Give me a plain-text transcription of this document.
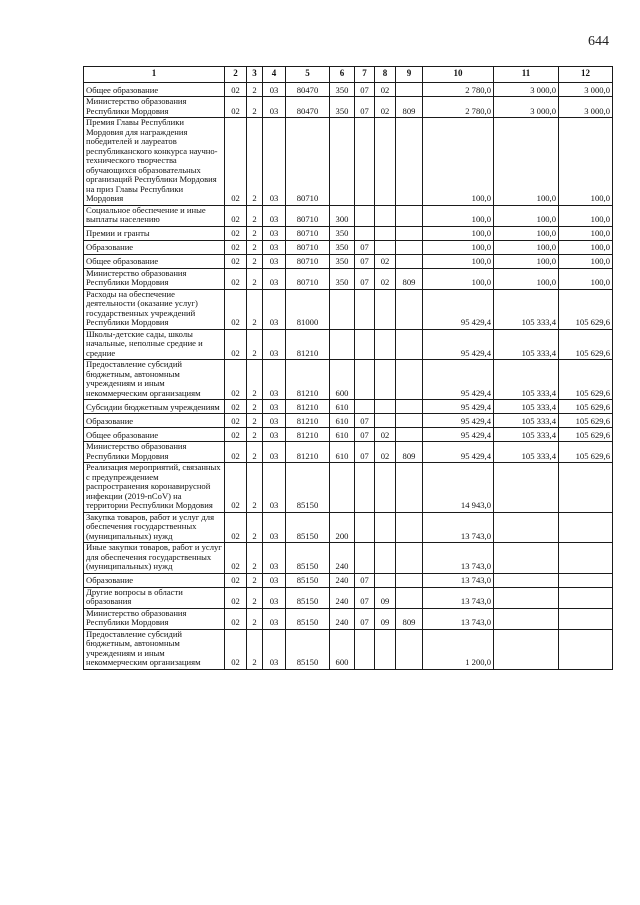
644
1	2	3	4	5	6	7	8	9	10	11	12
Общее образование	02	2	03	80470	350	07	02		2 780,0	3 000,0	3 000,0
Министерство образования Республики Мордовия	02	2	03	80470	350	07	02	809	2 780,0	3 000,0	3 000,0
Премия Главы Республики Мордовия для награждения победителей и лауреатов республиканского конкурса научно-технического творчества обучающихся образовательных организаций Республики Мордовия на приз Главы Республики Мордовия	02	2	03	80710					100,0	100,0	100,0
Социальное обеспечение и иные выплаты населению	02	2	03	80710	300				100,0	100,0	100,0
Премии и гранты	02	2	03	80710	350				100,0	100,0	100,0
Образование	02	2	03	80710	350	07			100,0	100,0	100,0
Общее образование	02	2	03	80710	350	07	02		100,0	100,0	100,0
Министерство образования Республики Мордовия	02	2	03	80710	350	07	02	809	100,0	100,0	100,0
Расходы на обеспечение деятельности (оказание услуг) государственных учреждений Республики Мордовия	02	2	03	81000					95 429,4	105 333,4	105 629,6
Школы-детские сады, школы начальные, неполные средние и средние	02	2	03	81210					95 429,4	105 333,4	105 629,6
Предоставление субсидий бюджетным, автономным учреждениям и иным некоммерческим организациям	02	2	03	81210	600				95 429,4	105 333,4	105 629,6
Субсидии бюджетным учреждениям	02	2	03	81210	610				95 429,4	105 333,4	105 629,6
Образование	02	2	03	81210	610	07			95 429,4	105 333,4	105 629,6
Общее образование	02	2	03	81210	610	07	02		95 429,4	105 333,4	105 629,6
Министерство образования Республики Мордовия	02	2	03	81210	610	07	02	809	95 429,4	105 333,4	105 629,6
Реализация мероприятий, связанных с предупреждением распространения коронавирусной инфекции (2019-nCoV) на территории Республики Мордовия	02	2	03	85150					14 943,0		
Закупка товаров, работ и услуг для обеспечения государственных (муниципальных) нужд	02	2	03	85150	200				13 743,0		
Иные закупки товаров, работ и услуг для обеспечения государственных (муниципальных) нужд	02	2	03	85150	240				13 743,0		
Образование	02	2	03	85150	240	07			13 743,0		
Другие вопросы в области образования	02	2	03	85150	240	07	09		13 743,0		
Министерство образования Республики Мордовия	02	2	03	85150	240	07	09	809	13 743,0		
Предоставление субсидий бюджетным, автономным учреждениям и иным некоммерческим организациям	02	2	03	85150	600				1 200,0		
